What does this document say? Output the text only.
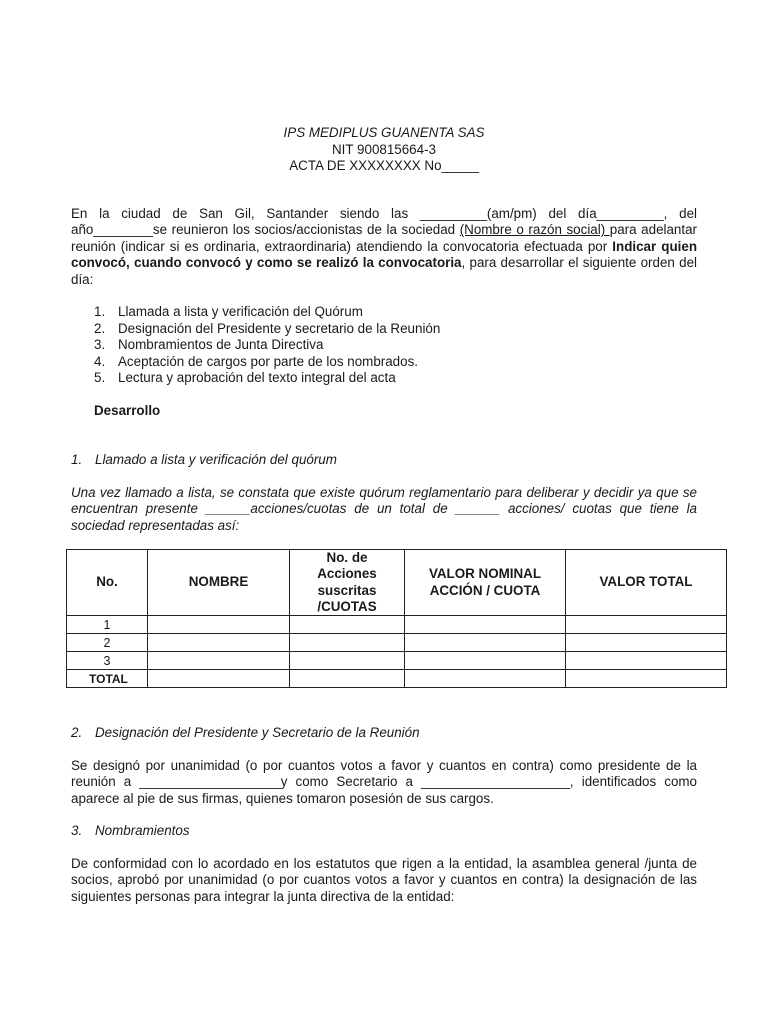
IPS MEDIPLUS GUANENTA SAS
NIT 900815664-3
ACTA DE XXXXXXXX No_____

En la ciudad de San Gil, Santander siendo las _________(am/pm) del día_________, del año________se reunieron los socios/accionistas de la sociedad (Nombre o razón social) para adelantar reunión (indicar si es ordinaria, extraordinaria) atendiendo la convocatoria efectuada por Indicar quien convocó, cuando convocó y como se realizó la convocatoria, para desarrollar el siguiente orden del día:

1. Llamada a lista y verificación del Quórum
2. Designación del Presidente y secretario de la Reunión
3. Nombramientos de Junta Directiva
4. Aceptación de cargos por parte de los nombrados.
5. Lectura y aprobación del texto integral del acta
Desarrollo
1. Llamado a lista y verificación del quórum

Una vez llamado a lista, se constata que existe quórum reglamentario para deliberar y decidir ya que se encuentran presente ______acciones/cuotas de un total de ______ acciones/ cuotas que tiene la sociedad representadas así:

No.	NOMBRE	No. de Acciones suscritas /CUOTAS	VALOR NOMINAL ACCIÓN / CUOTA	VALOR TOTAL
1				
2				
3				
TOTAL				
2. Designación del Presidente y Secretario de la Reunión

Se designó por unanimidad (o por cuantos votos a favor y cuantos en contra) como presidente de la reunión a ___________________y como Secretario a ____________________, identificados como aparece al pie de sus firmas, quienes tomaron posesión de sus cargos.

3. Nombramientos

De conformidad con lo acordado en los estatutos que rigen a la entidad, la asamblea general /junta de socios, aprobó por unanimidad (o por cuantos votos a favor y cuantos en contra) la designación de las siguientes personas para integrar la junta directiva de la entidad:
